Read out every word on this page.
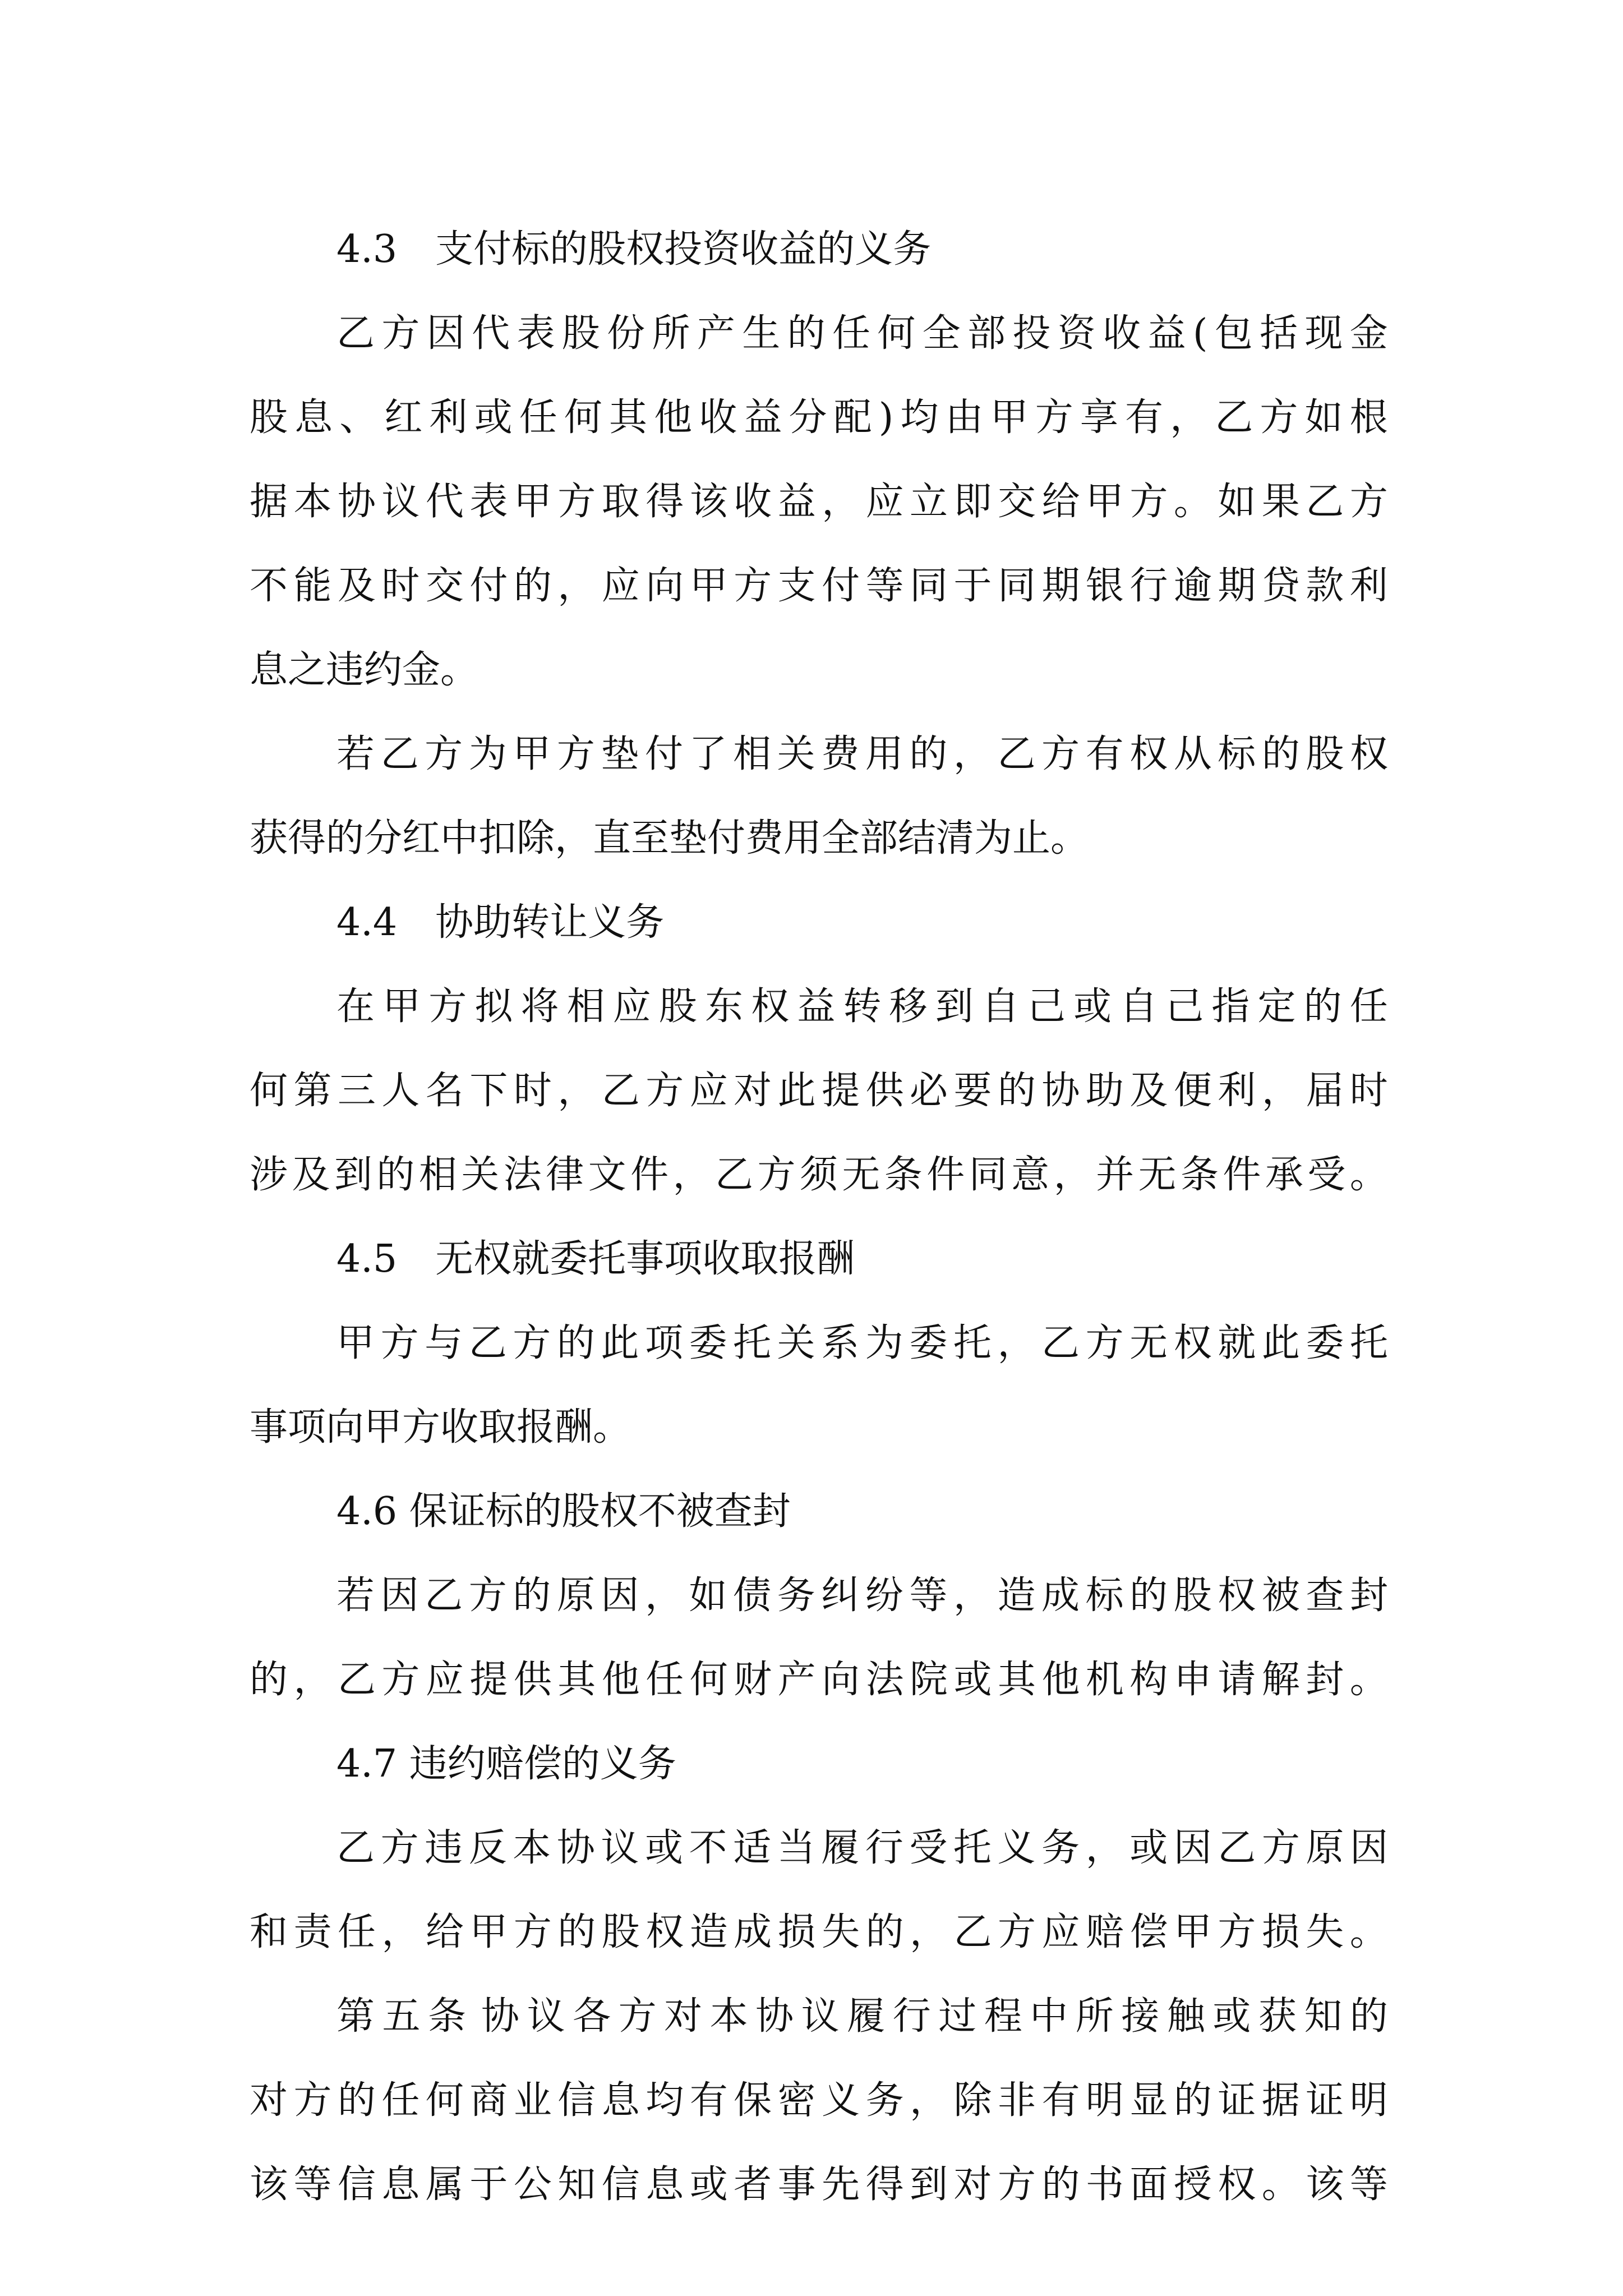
4.3　支付标的股权投资收益的义务
乙 方 因 代 表 股 份 所 产 生 的 任 何 全 部 投 资 收 益 ( 包 括 现 金
股 息 、 红 利 或 任 何 其 他 收 益 分 配 ) 均 由 甲 方 享 有 ， 乙 方 如 根
据 本 协 议 代 表 甲 方 取 得 该 收 益 ， 应 立 即 交 给 甲 方 。 如 果 乙 方
不 能 及 时 交 付 的 ， 应 向 甲 方 支 付 等 同 于 同 期 银 行 逾 期 贷 款 利
息之违约金。
若 乙 方 为 甲 方 垫 付 了 相 关 费 用 的 ， 乙 方 有 权 从 标 的 股 权
获得的分红中扣除，直至垫付费用全部结清为止。
4.4　协助转让义务
在 甲 方 拟 将 相 应 股 东 权 益 转 移 到 自 己 或 自 己 指 定 的 任
何 第 三 人 名 下 时 ， 乙 方 应 对 此 提 供 必 要 的 协 助 及 便 利 ， 届 时
涉 及 到 的 相 关 法 律 文 件 ， 乙 方 须 无 条 件 同 意 ， 并 无 条 件 承 受 。
4.5　无权就委托事项收取报酬
甲 方 与 乙 方 的 此 项 委 托 关 系 为 委 托 ， 乙 方 无 权 就 此 委 托
事项向甲方收取报酬。
4.6 保证标的股权不被查封
若 因 乙 方 的 原 因 ， 如 债 务 纠 纷 等 ， 造 成 标 的 股 权 被 查 封
的 ， 乙 方 应 提 供 其 他 任 何 财 产 向 法 院 或 其 他 机 构 申 请 解 封 。
4.7 违约赔偿的义务
乙 方 违 反 本 协 议 或 不 适 当 履 行 受 托 义 务 ， 或 因 乙 方 原 因
和 责 任 ， 给 甲 方 的 股 权 造 成 损 失 的 ， 乙 方 应 赔 偿 甲 方 损 失 。
第 五 条 协 议 各 方 对 本 协 议 履 行 过 程 中 所 接 触 或 获 知 的
对 方 的 任 何 商 业 信 息 均 有 保 密 义 务 ， 除 非 有 明 显 的 证 据 证 明
该 等 信 息 属 于 公 知 信 息 或 者 事 先 得 到 对 方 的 书 面 授 权 。 该 等
